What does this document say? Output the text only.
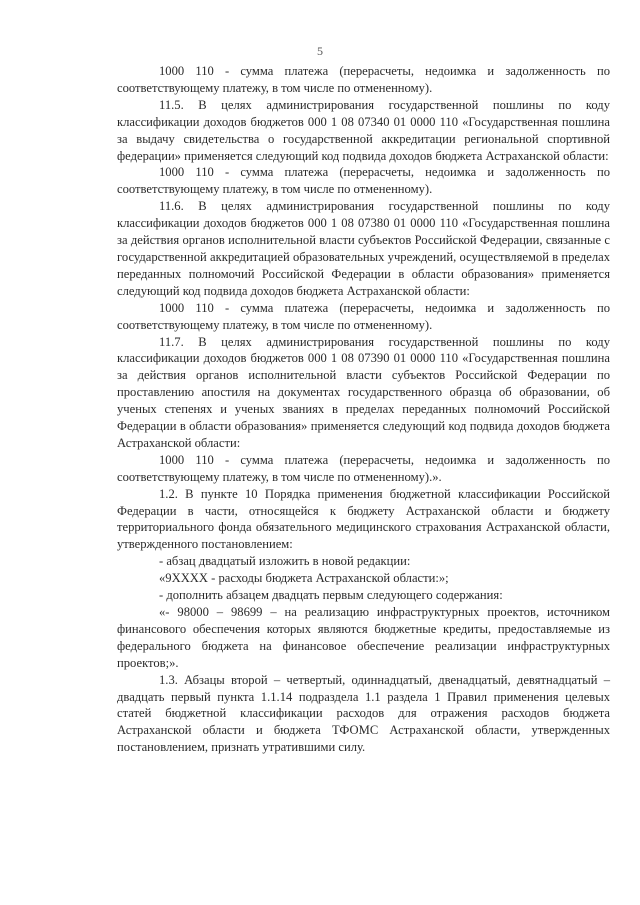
5

1000 110 - сумма платежа (перерасчеты, недоимка и задолженность по соответствующему платежу, в том числе по отмененному).

11.5. В целях администрирования государственной пошлины по коду классификации доходов бюджетов 000 1 08 07340 01 0000 110 «Государственная пошлина за выдачу свидетельства о государственной аккредитации региональной спортивной федерации» применяется следующий код подвида доходов бюджета Астраханской области:

1000 110 - сумма платежа (перерасчеты, недоимка и задолженность по соответствующему платежу, в том числе по отмененному).

11.6. В целях администрирования государственной пошлины по коду классификации доходов бюджетов 000 1 08 07380 01 0000 110 «Государственная пошлина за действия органов исполнительной власти субъектов Российской Федерации, связанные с государственной аккредитацией образовательных учреждений, осуществляемой в пределах переданных полномочий Российской Федерации в области образования» применяется следующий код подвида доходов бюджета Астраханской области:

1000 110 - сумма платежа (перерасчеты, недоимка и задолженность по соответствующему платежу, в том числе по отмененному).

11.7. В целях администрирования государственной пошлины по коду классификации доходов бюджетов 000 1 08 07390 01 0000 110 «Государственная пошлина за действия органов исполнительной власти субъектов Российской Федерации по проставлению апостиля на документах государственного образца об образовании, об ученых степенях и ученых званиях в пределах переданных полномочий Российской Федерации в области образования» применяется следующий код подвида доходов бюджета Астраханской области:

1000 110 - сумма платежа (перерасчеты, недоимка и задолженность по соответствующему платежу, в том числе по отмененному).».

1.2. В пункте 10 Порядка применения бюджетной классификации Российской Федерации в части, относящейся к бюджету Астраханской области и бюджету территориального фонда обязательного медицинского страхования Астраханской области, утвержденного постановлением:

- абзац двадцатый изложить в новой редакции:

«9XXXX - расходы бюджета Астраханской области:»;

- дополнить абзацем двадцать первым следующего содержания:

«- 98000 – 98699 – на реализацию инфраструктурных проектов, источником финансового обеспечения которых являются бюджетные кредиты, предоставляемые из федерального бюджета на финансовое обеспечение реализации инфраструктурных проектов;».

1.3. Абзацы второй – четвертый, одиннадцатый, двенадцатый, девятнадцатый – двадцать первый пункта 1.1.14 подраздела 1.1 раздела 1 Правил применения целевых статей бюджетной классификации расходов для отражения расходов бюджета Астраханской области и бюджета ТФОМС Астраханской области, утвержденных постановлением, признать утратившими силу.
